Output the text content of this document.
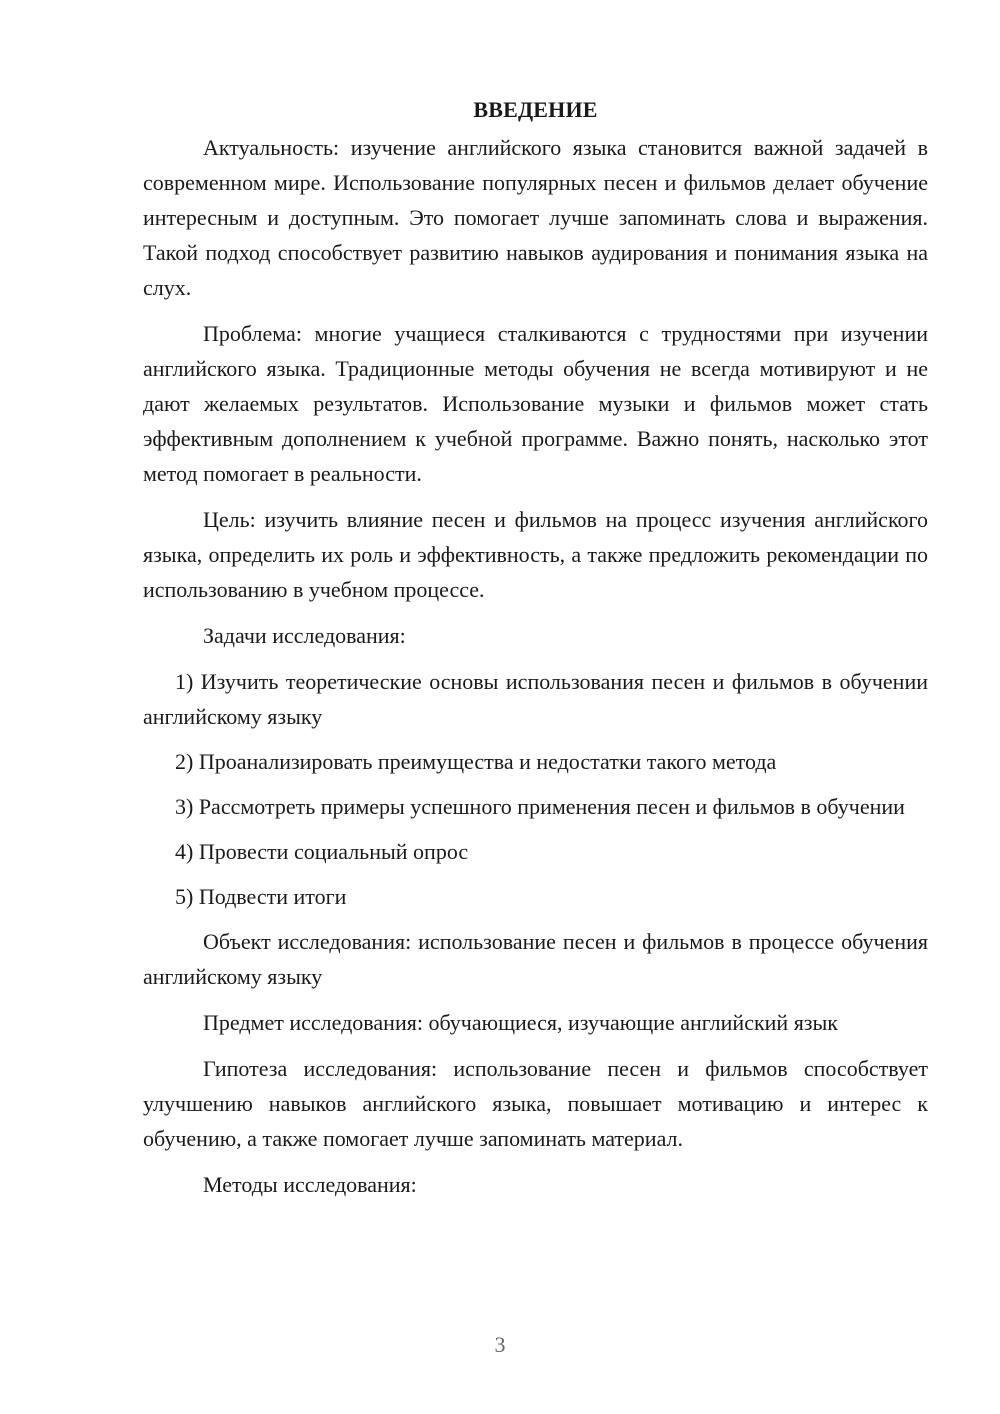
ВВЕДЕНИЕ

Актуальность: изучение английского языка становится важной задачей в современном мире. Использование популярных песен и фильмов делает обучение интересным и доступным. Это помогает лучше запоминать слова и выражения. Такой подход способствует развитию навыков аудирования и понимания языка на слух.

Проблема: многие учащиеся сталкиваются с трудностями при изучении английского языка. Традиционные методы обучения не всегда мотивируют и не дают желаемых результатов. Использование музыки и фильмов может стать эффективным дополнением к учебной программе. Важно понять, насколько этот метод помогает в реальности.

Цель: изучить влияние песен и фильмов на процесс изучения английского языка, определить их роль и эффективность, а также предложить рекомендации по использованию в учебном процессе.

Задачи исследования:

1) Изучить теоретические основы использования песен и фильмов в обучении английскому языку

2) Проанализировать преимущества и недостатки такого метода

3) Рассмотреть примеры успешного применения песен и фильмов в обучении

4) Провести социальный опрос

5) Подвести итоги

Объект исследования: использование песен и фильмов в процессе обучения английскому языку

Предмет исследования: обучающиеся, изучающие английский язык

Гипотеза исследования: использование песен и фильмов способствует улучшению навыков английского языка, повышает мотивацию и интерес к обучению, а также помогает лучше запоминать материал.

Методы исследования:

3
